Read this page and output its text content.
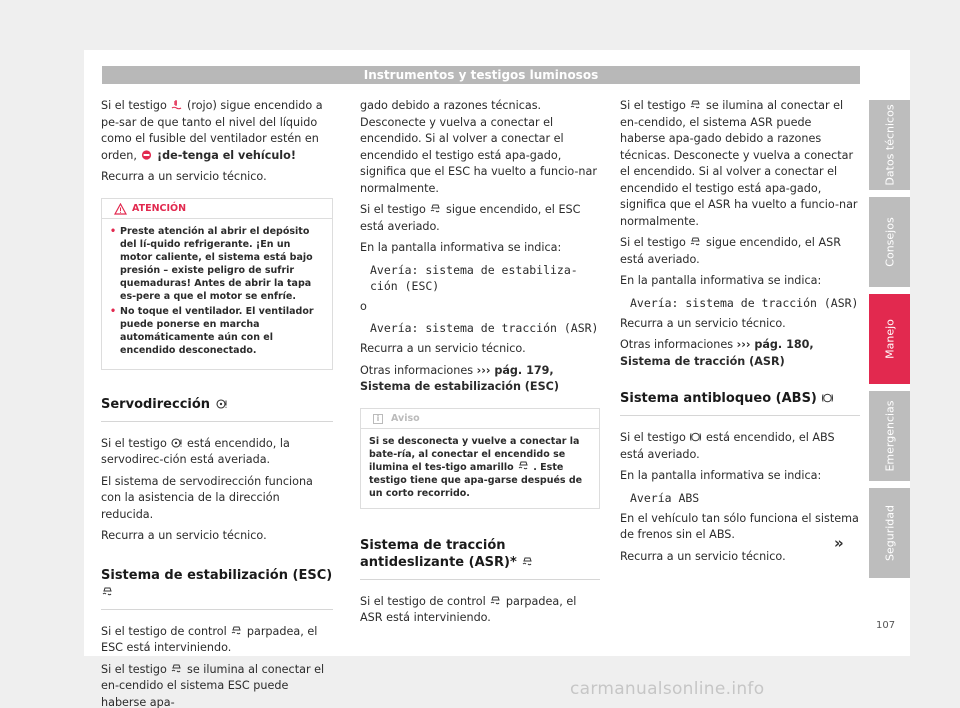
Instrumentos y testigos luminosos

Si el testigo (rojo) sigue encendido a pe-sar de que tanto el nivel del líquido como el fusible del ventilador estén en orden, ¡de-tenga el vehículo!

Recurra a un servicio técnico.

ATENCIÓN
• Preste atención al abrir el depósito del lí-quido refrigerante. ¡En un motor caliente, el sistema está bajo presión – existe peligro de sufrir quemaduras! Antes de abrir la tapa es-pere a que el motor se enfríe.
• No toque el ventilador. El ventilador puede ponerse en marcha automáticamente aún con el encendido desconectado.
Servodirección

Si el testigo está encendido, la servodirec-ción está averiada.

El sistema de servodirección funciona con la asistencia de la dirección reducida.

Recurra a un servicio técnico.

Sistema de estabilización (ESC)

Si el testigo de control parpadea, el ESC está interviniendo.

Si el testigo se ilumina al conectar el en-cendido el sistema ESC puede haberse apa-

gado debido a razones técnicas. Desconecte y vuelva a conectar el encendido. Si al volver a conectar el encendido el testigo está apa-gado, significa que el ESC ha vuelto a funcio-nar normalmente.

Si el testigo sigue encendido, el ESC está averiado.

En la pantalla informativa se indica:

Avería: sistema de estabiliza-ción (ESC)

o

Avería: sistema de tracción (ASR)

Recurra a un servicio técnico.

Otras informaciones ››› pág. 179, Sistema de estabilización (ESC)

i	Aviso
Si se desconecta y vuelve a conectar la bate-ría, al conectar el encendido se ilumina el tes-tigo amarillo . Este testigo tiene que apa-garse después de un corto recorrido.
Sistema de tracción antideslizante (ASR)*

Si el testigo de control parpadea, el ASR está interviniendo.

Si el testigo se ilumina al conectar el en-cendido, el sistema ASR puede haberse apa-gado debido a razones técnicas. Desconecte y vuelva a conectar el encendido. Si al volver a conectar el encendido el testigo está apa-gado, significa que el ASR ha vuelto a funcio-nar normalmente.

Si el testigo sigue encendido, el ASR está averiado.

En la pantalla informativa se indica:

Avería: sistema de tracción (ASR)

Recurra a un servicio técnico.

Otras informaciones ››› pág. 180, Sistema de tracción (ASR)

Sistema antibloqueo (ABS)

Si el testigo está encendido, el ABS está averiado.

En la pantalla informativa se indica:

Avería ABS

En el vehículo tan sólo funciona el sistema de frenos sin el ABS.

Recurra a un servicio técnico.

»
Datos técnicos
Consejos
Manejo
Emergencias
Seguridad
107
carmanualsonline.info
